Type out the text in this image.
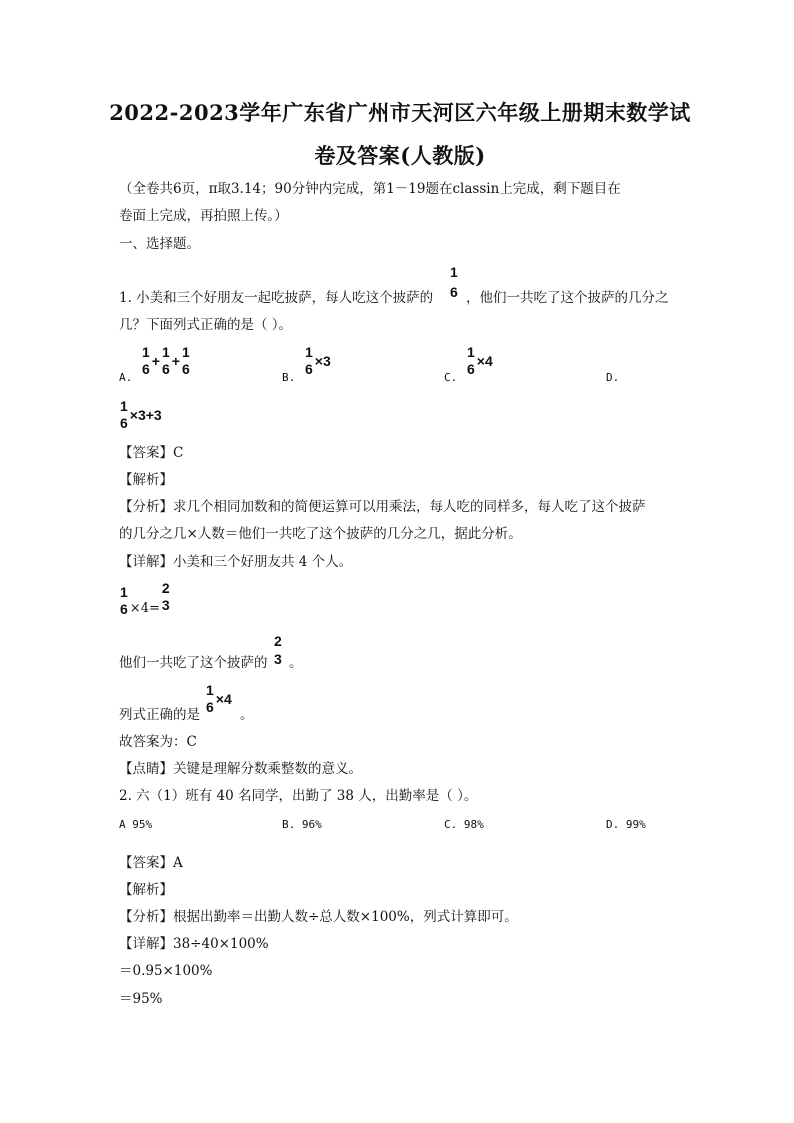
2022-2023学年广东省广州市天河区六年级上册期末数学试
卷及答案(人教版)
（全卷共6页，π取3.14；90分钟内完成，第1－19题在classin上完成，剩下题目在
卷面上完成，再拍照上传。）
一、选择题。
1. 小美和三个好朋友一起吃披萨，每人吃这个披萨的
1
6 ，他们一共吃了这个披萨的几分之
几？下面列式正确的是（ ）。
A.
1
6 +
1
6 +
1
6
B.
1
6 ×3
C.
1
6 ×4
D.
1
6 ×3+3
【答案】C
【解析】
【分析】求几个相同加数和的简便运算可以用乘法，每人吃的同样多，每人吃了这个披萨
的几分之几×人数＝他们一共吃了这个披萨的几分之几，据此分析。
【详解】小美和三个好朋友共 4 个人。
1
6 ×4=
2
3
他们一共吃了这个披萨的
2
3 。
列式正确的是
1
6 ×4
。
故答案为：C
【点睛】关键是理解分数乘整数的意义。
2. 六（1）班有 40 名同学，出勤了 38 人，出勤率是（ ）。
A 95%	B. 96%	C. 98%	D. 99%
【答案】A
【解析】
【分析】根据出勤率＝出勤人数÷总人数×100%，列式计算即可。
【详解】38÷40×100%
＝0.95×100%
＝95%
